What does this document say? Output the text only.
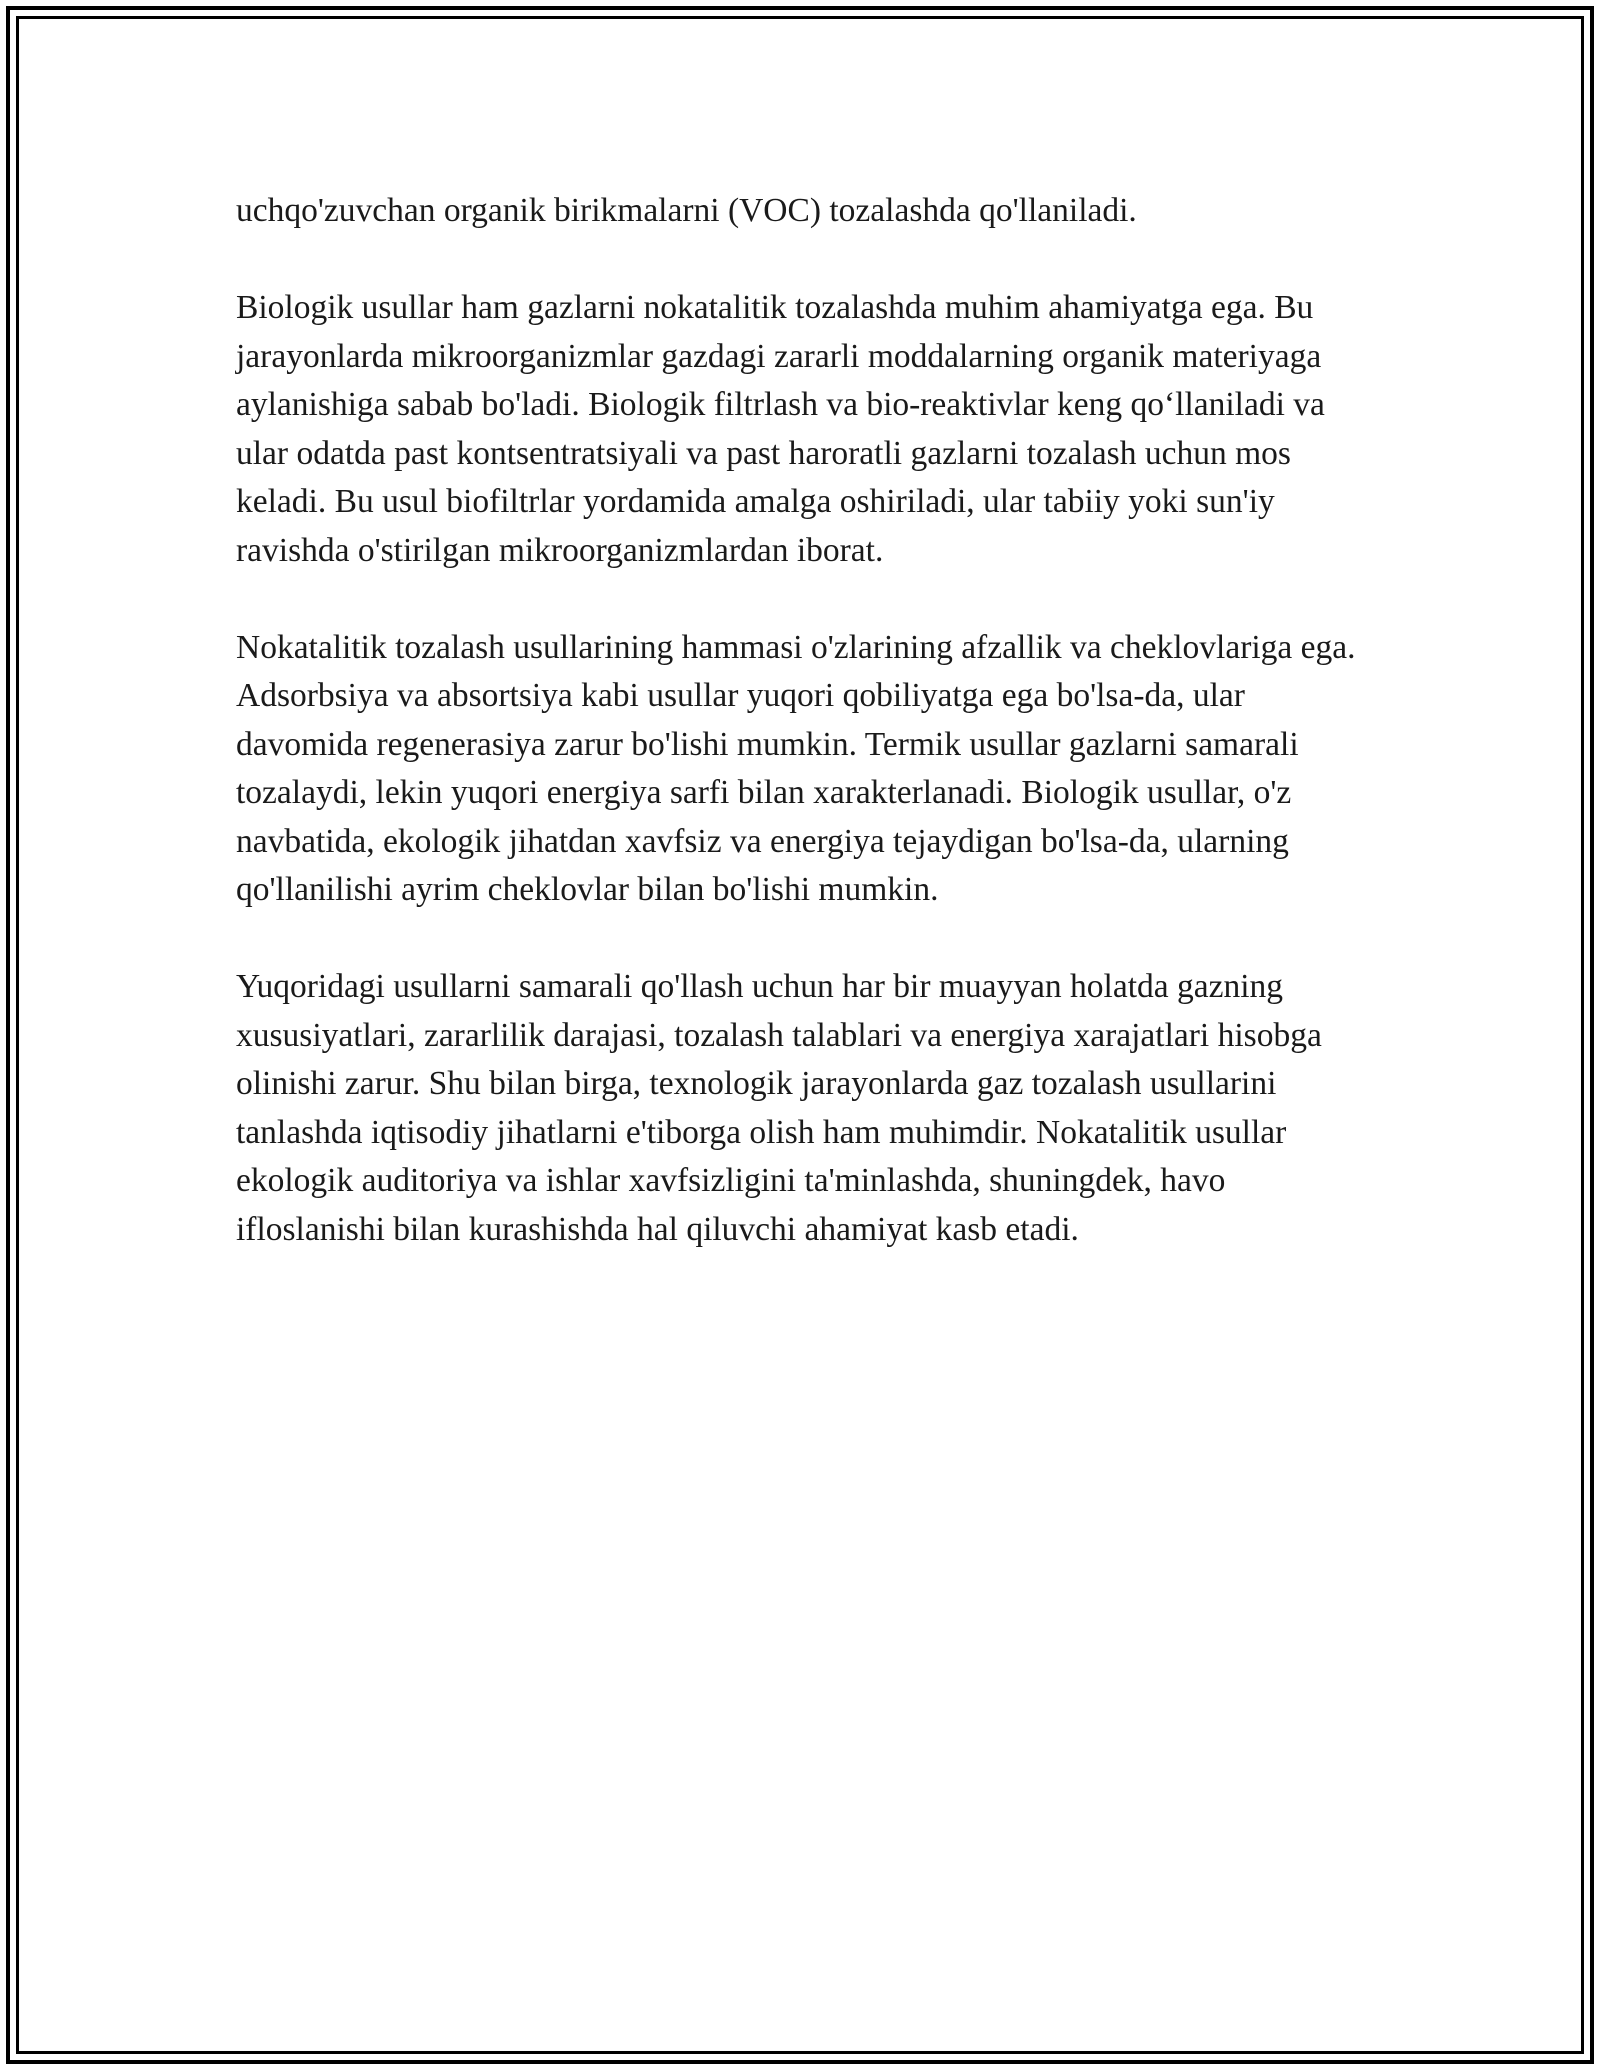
uchqo'zuvchan organik birikmalarni (VOC) tozalashda qo'llaniladi.

Biologik usullar ham gazlarni nokatalitik tozalashda muhim ahamiyatga ega. Bu jarayonlarda mikroorganizmlar gazdagi zararli moddalarning organik materiyaga aylanishiga sabab bo'ladi. Biologik filtrlash va bio-reaktivlar keng qo‘llaniladi va ular odatda past kontsentratsiyali va past haroratli gazlarni tozalash uchun mos keladi. Bu usul biofiltrlar yordamida amalga oshiriladi, ular tabiiy yoki sun'iy ravishda o'stirilgan mikroorganizmlardan iborat.

Nokatalitik tozalash usullarining hammasi o'zlarining afzallik va cheklovlariga ega. Adsorbsiya va absortsiya kabi usullar yuqori qobiliyatga ega bo'lsa-da, ular davomida regenerasiya zarur bo'lishi mumkin. Termik usullar gazlarni samarali tozalaydi, lekin yuqori energiya sarfi bilan xarakterlanadi. Biologik usullar, o'z navbatida, ekologik jihatdan xavfsiz va energiya tejaydigan bo'lsa-da, ularning qo'llanilishi ayrim cheklovlar bilan bo'lishi mumkin.

Yuqoridagi usullarni samarali qo'llash uchun har bir muayyan holatda gazning xususiyatlari, zararlilik darajasi, tozalash talablari va energiya xarajatlari hisobga olinishi zarur. Shu bilan birga, texnologik jarayonlarda gaz tozalash usullarini tanlashda iqtisodiy jihatlarni e'tiborga olish ham muhimdir. Nokatalitik usullar ekologik auditoriya va ishlar xavfsizligini ta'minlashda, shuningdek, havo ifloslanishi bilan kurashishda hal qiluvchi ahamiyat kasb etadi.
